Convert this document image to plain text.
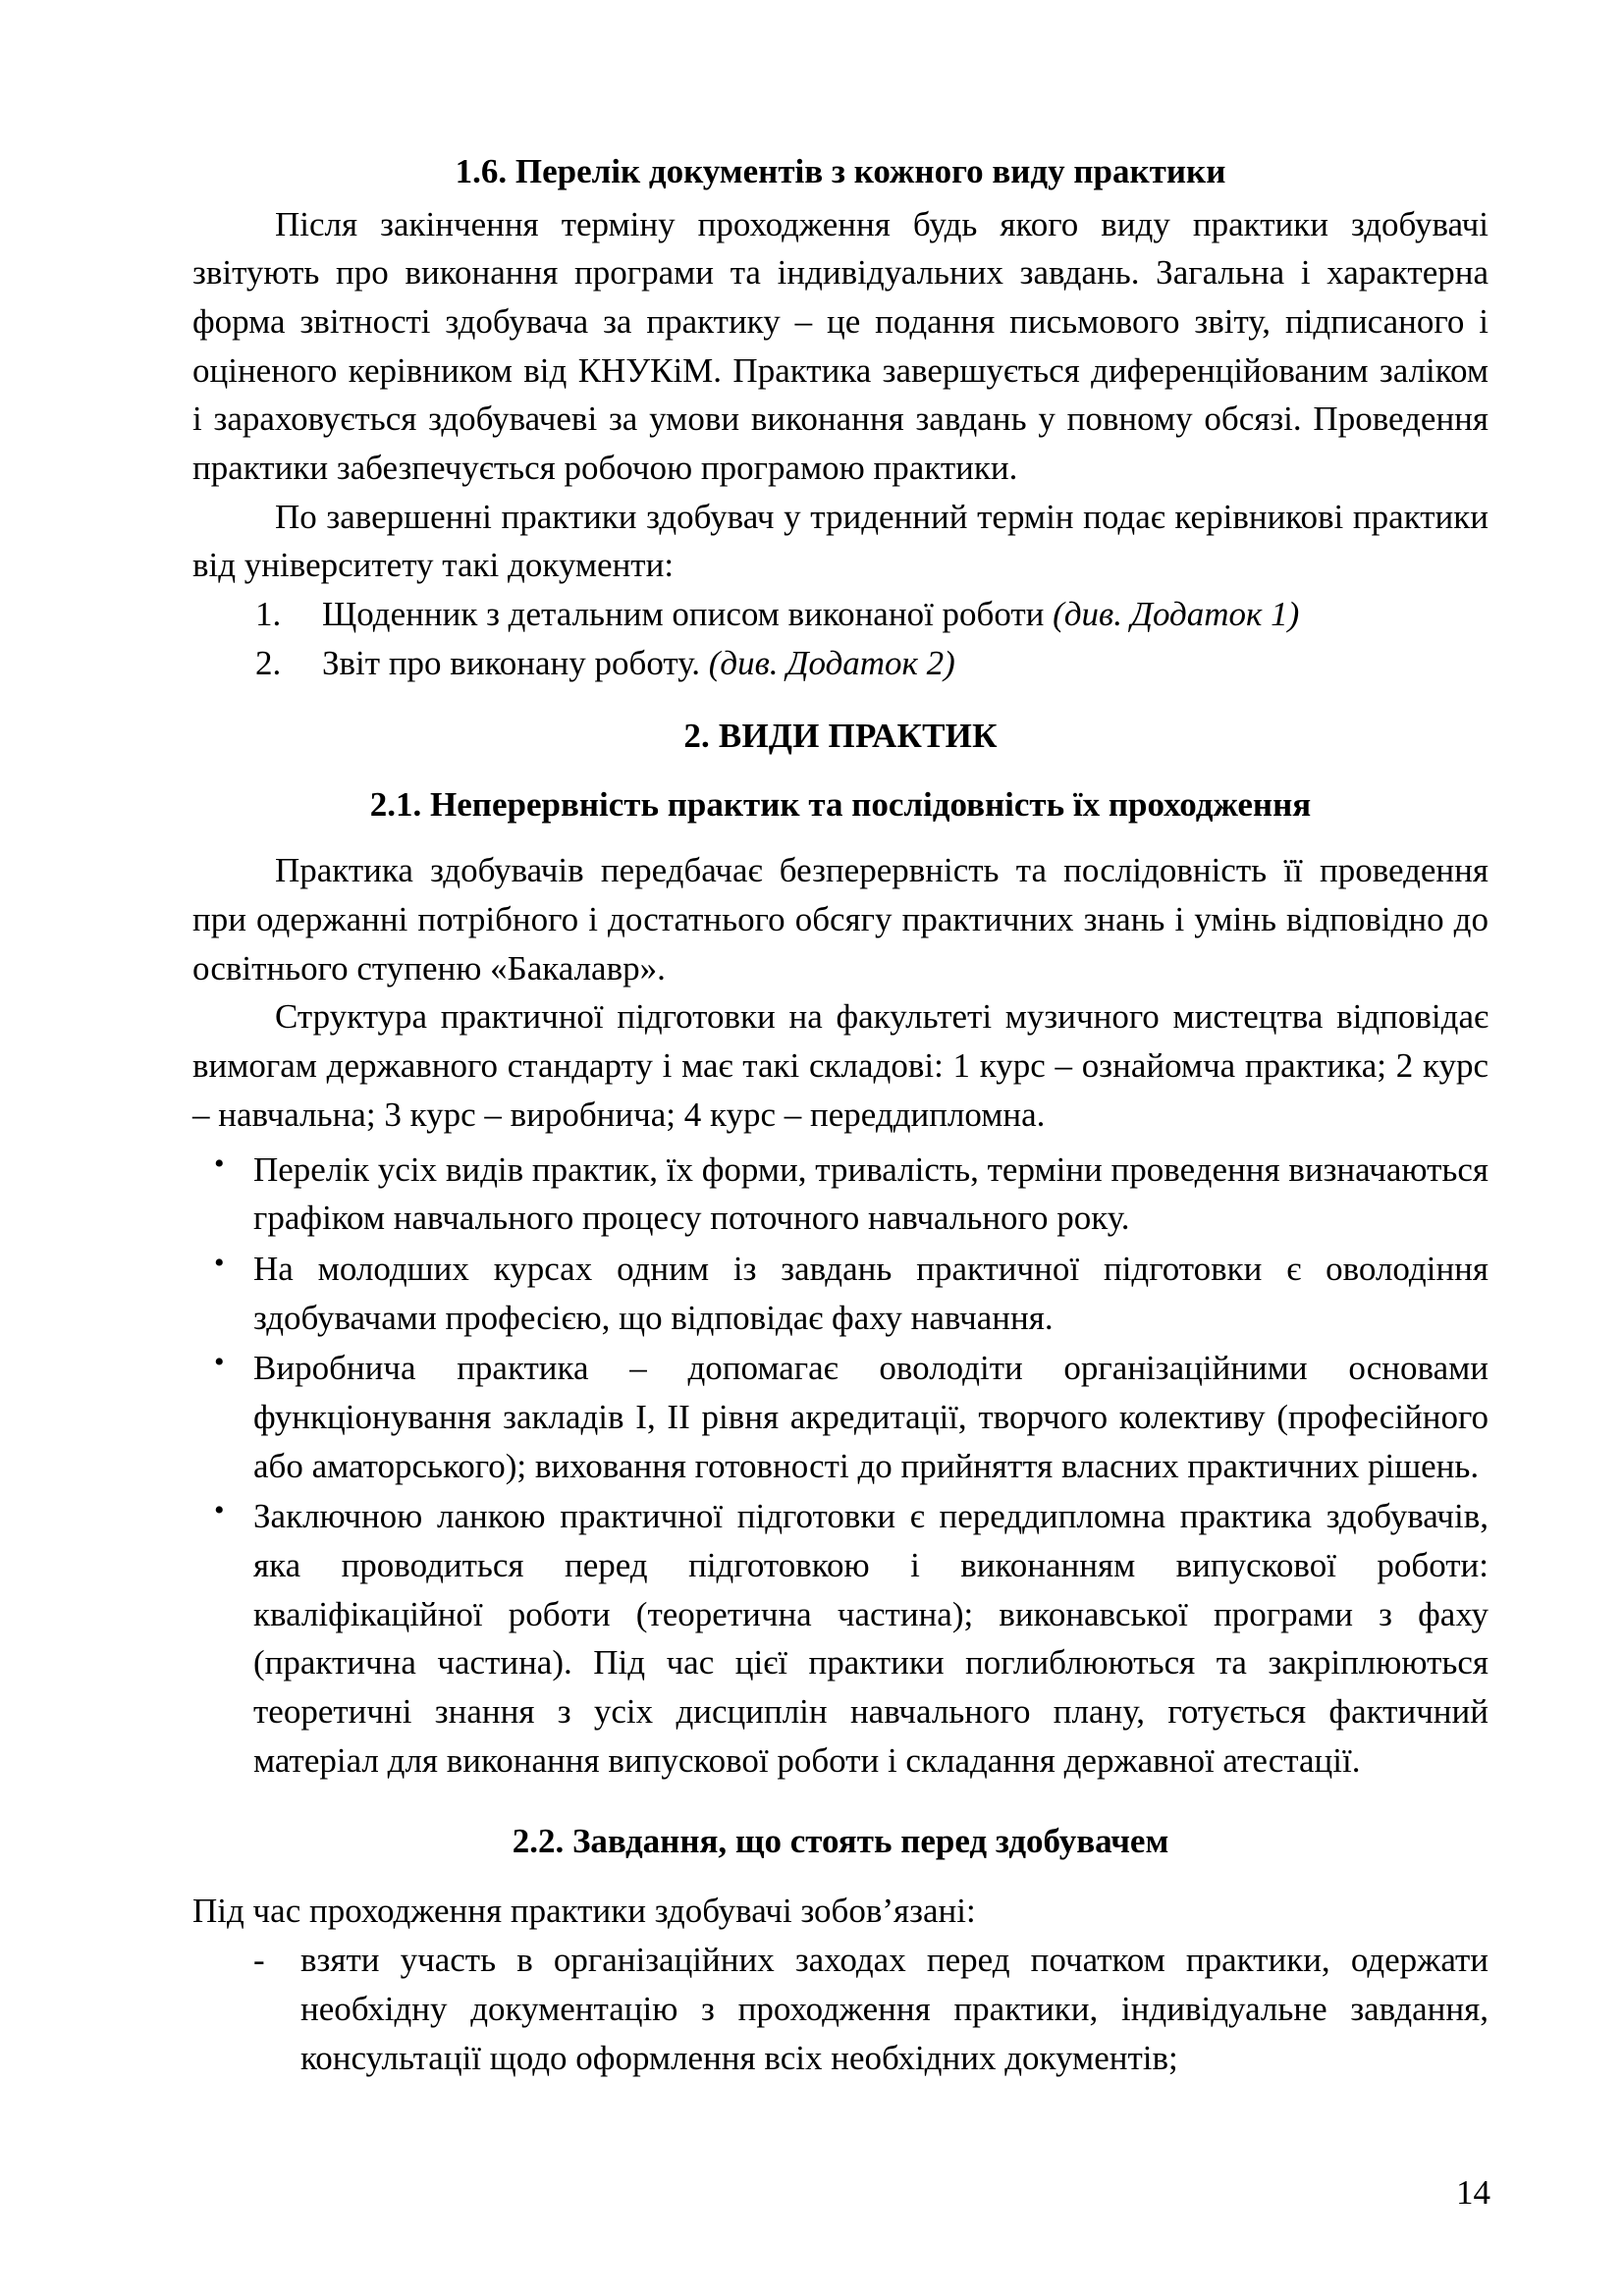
1.6. Перелік документів з кожного виду практики

Після закінчення терміну проходження будь якого виду практики здобувачі звітують про виконання програми та індивідуальних завдань. Загальна і характерна форма звітності здобувача за практику – це подання письмового звіту, підписаного і оціненого керівником від КНУКіМ. Практика завершується диференційованим заліком і зараховується здобувачеві за умови виконання завдань у повному обсязі. Проведення практики забезпечується робочою програмою практики.

По завершенні практики здобувач у триденний термін подає керівникові практики від університету такі документи:

1. Щоденник з детальним описом виконаної роботи (див. Додаток 1)
2. Звіт про виконану роботу. (див. Додаток 2)
2. ВИДИ ПРАКТИК
2.1. Неперервність практик та послідовність їх проходження

Практика здобувачів передбачає безперервність та послідовність її проведення при одержанні потрібного і достатнього обсягу практичних знань і умінь відповідно до освітнього ступеню «Бакалавр».

Структура практичної підготовки на факультеті музичного мистецтва відповідає вимогам державного стандарту і має такі складові: 1 курс – ознайомча практика; 2 курс – навчальна; 3 курс – виробнича; 4 курс – переддипломна.

• Перелік усіх видів практик, їх форми, тривалість, терміни проведення визначаються графіком навчального процесу поточного навчального року.
• На молодших курсах одним із завдань практичної підготовки є оволодіння здобувачами професією, що відповідає фаху навчання.
• Виробнича практика – допомагає оволодіти організаційними основами функціонування закладів І, ІІ рівня акредитації, творчого колективу (професійного або аматорського); виховання готовності до прийняття власних практичних рішень.
• Заключною ланкою практичної підготовки є переддипломна практика здобувачів, яка проводиться перед підготовкою і виконанням випускової роботи: кваліфікаційної роботи (теоретична частина); виконавської програми з фаху (практична частина). Під час цієї практики поглиблюються та закріплюються теоретичні знання з усіх дисциплін навчального плану, готується фактичний матеріал для виконання випускової роботи і складання державної атестації.
2.2. Завдання, що стоять перед здобувачем

Під час проходження практики здобувачі зобов’язані:

- взяти участь в організаційних заходах перед початком практики, одержати необхідну документацію з проходження практики, індивідуальне завдання, консультації щодо оформлення всіх необхідних документів;
14
